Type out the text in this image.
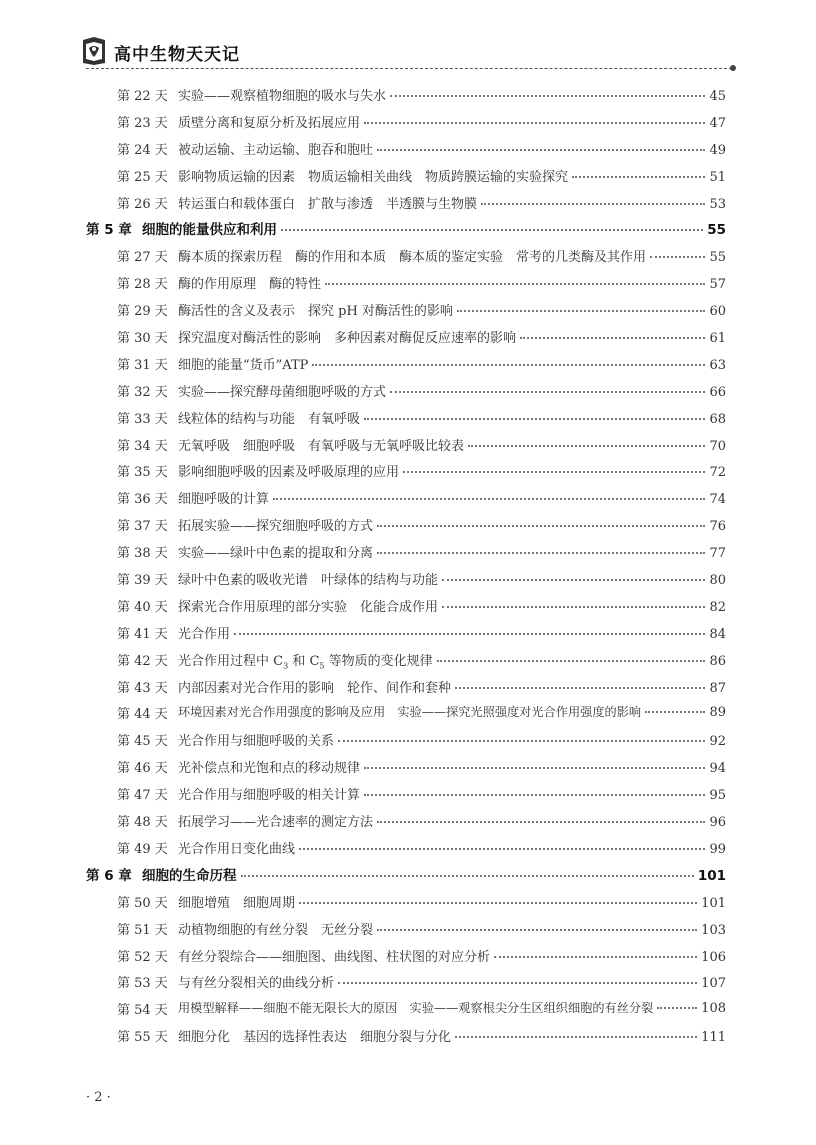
高中生物天天记
第 22 天 实验——观察植物细胞的吸水与失水	45
第 23 天 质壁分离和复原分析及拓展应用	47
第 24 天 被动运输、主动运输、胞吞和胞吐	49
第 25 天 影响物质运输的因素　物质运输相关曲线　物质跨膜运输的实验探究	51
第 26 天 转运蛋白和载体蛋白　扩散与渗透　半透膜与生物膜	53
第 5 章 细胞的能量供应和利用	55
第 27 天 酶本质的探索历程　酶的作用和本质　酶本质的鉴定实验　常考的几类酶及其作用	55
第 28 天 酶的作用原理　酶的特性	57
第 29 天 酶活性的含义及表示　探究 pH 对酶活性的影响	60
第 30 天 探究温度对酶活性的影响　多种因素对酶促反应速率的影响	61
第 31 天 细胞的能量“货币”ATP	63
第 32 天 实验——探究酵母菌细胞呼吸的方式	66
第 33 天 线粒体的结构与功能　有氧呼吸	68
第 34 天 无氧呼吸　细胞呼吸　有氧呼吸与无氧呼吸比较表	70
第 35 天 影响细胞呼吸的因素及呼吸原理的应用	72
第 36 天 细胞呼吸的计算	74
第 37 天 拓展实验——探究细胞呼吸的方式	76
第 38 天 实验——绿叶中色素的提取和分离	77
第 39 天 绿叶中色素的吸收光谱　叶绿体的结构与功能	80
第 40 天 探索光合作用原理的部分实验　化能合成作用	82
第 41 天 光合作用	84
第 42 天 光合作用过程中 $C_3$ 和 $C_5$ 等物质的变化规律	86
第 43 天 内部因素对光合作用的影响　轮作、间作和套种	87
第 44 天 环境因素对光合作用强度的影响及应用　实验——探究光照强度对光合作用强度的影响	89
第 45 天 光合作用与细胞呼吸的关系	92
第 46 天 光补偿点和光饱和点的移动规律	94
第 47 天 光合作用与细胞呼吸的相关计算	95
第 48 天 拓展学习——光合速率的测定方法	96
第 49 天 光合作用日变化曲线	99
第 6 章 细胞的生命历程	101
第 50 天 细胞增殖　细胞周期	101
第 51 天 动植物细胞的有丝分裂　无丝分裂	103
第 52 天 有丝分裂综合——细胞图、曲线图、柱状图的对应分析	106
第 53 天 与有丝分裂相关的曲线分析	107
第 54 天 用模型解释——细胞不能无限长大的原因　实验——观察根尖分生区组织细胞的有丝分裂	108
第 55 天 细胞分化　基因的选择性表达　细胞分裂与分化	111
· 2 ·
